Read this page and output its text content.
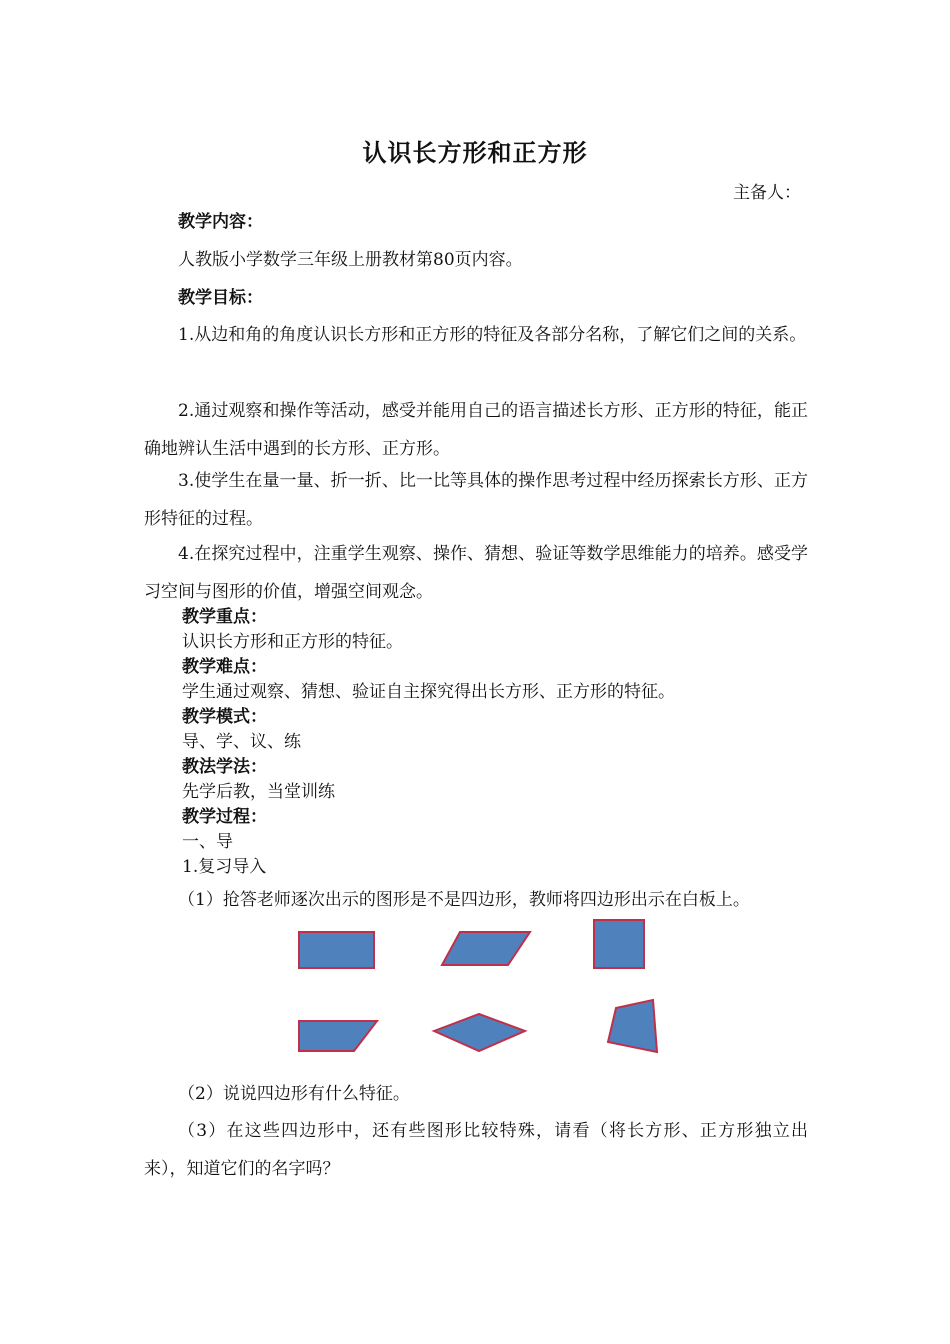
认识长方形和正方形
主备人：
教学内容：
人教版小学数学三年级上册教材第80页内容。
教学目标：
1.从边和角的角度认识长方形和正方形的特征及各部分名称，了解它们之间的关系。
2.通过观察和操作等活动，感受并能用自己的语言描述长方形、正方形的特征，能正确地辨认生活中遇到的长方形、正方形。
3.使学生在量一量、折一折、比一比等具体的操作思考过程中经历探索长方形、正方形特征的过程。
4.在探究过程中，注重学生观察、操作、猜想、验证等数学思维能力的培养。感受学习空间与图形的价值，增强空间观念。
教学重点：
认识长方形和正方形的特征。
教学难点：
学生通过观察、猜想、验证自主探究得出长方形、正方形的特征。
教学模式：
导、学、议、练
教法学法：
先学后教，当堂训练
教学过程：
一、导
1.复习导入
（1）抢答老师逐次出示的图形是不是四边形，教师将四边形出示在白板上。
（2）说说四边形有什么特征。
（3）在这些四边形中，还有些图形比较特殊，请看（将长方形、正方形独立出来），知道它们的名字吗？
